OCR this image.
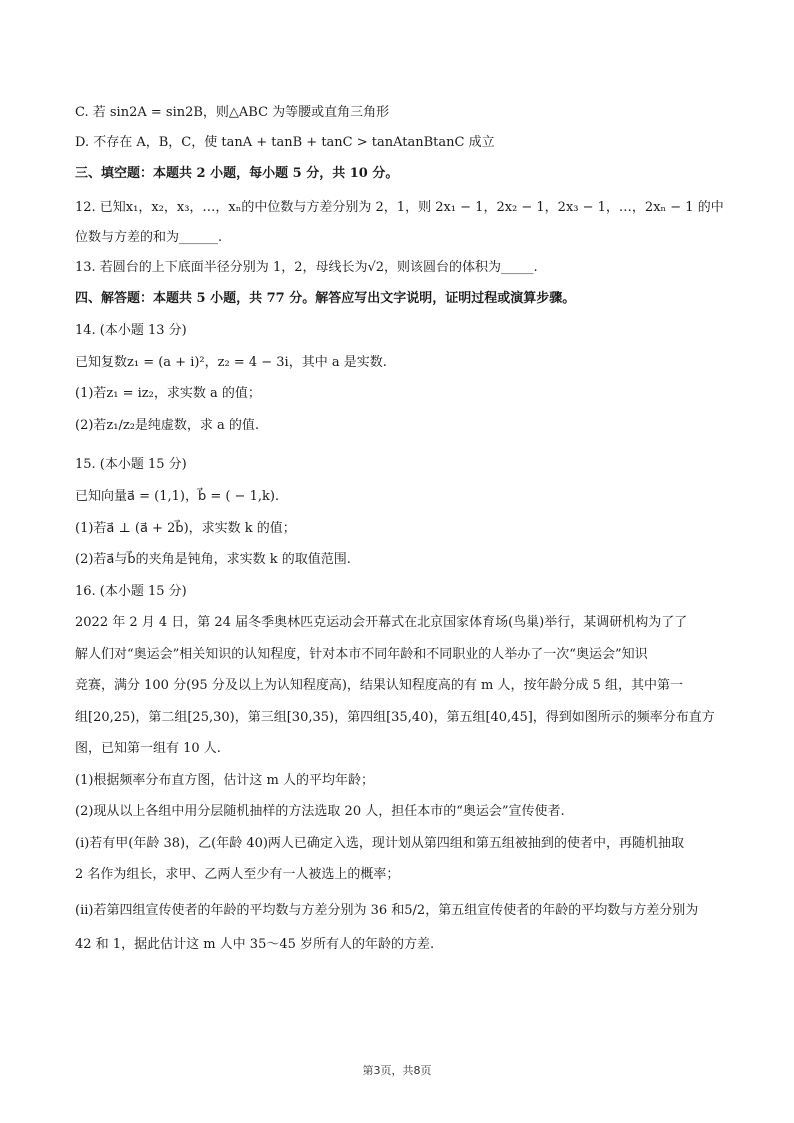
C. 若 sin2A = sin2B，则△ABC 为等腰或直角三角形
D. 不存在 A，B，C，使 tanA + tanB + tanC > tanAtanBtanC 成立
三、填空题：本题共 2 小题，每小题 5 分，共 10 分。
12. 已知x₁，x₂，x₃，…，xₙ的中位数与方差分别为 2，1，则 2x₁ − 1，2x₂ − 1，2x₃ − 1，…，2xₙ − 1 的中
位数与方差的和为______.
13. 若圆台的上下底面半径分别为 1，2，母线长为√2，则该圆台的体积为_____.
四、解答题：本题共 5 小题，共 77 分。解答应写出文字说明，证明过程或演算步骤。
14. (本小题 13 分)
已知复数z₁ = (a + i)²，z₂ = 4 − 3i，其中 a 是实数.
(1)若z₁ = iz₂，求实数 a 的值；
(2)若z₁/z₂是纯虚数，求 a 的值.
15. (本小题 15 分)
已知向量a⃗ = (1,1)，b⃗ = ( − 1,k).
(1)若a⃗ ⊥ (a⃗ + 2b⃗)，求实数 k 的值；
(2)若a⃗与b⃗的夹角是钝角，求实数 k 的取值范围.
16. (本小题 15 分)
2022 年 2 月 4 日，第 24 届冬季奥林匹克运动会开幕式在北京国家体育场(鸟巢)举行，某调研机构为了了
解人们对“奥运会”相关知识的认知程度，针对本市不同年龄和不同职业的人举办了一次“奥运会”知识
竞赛，满分 100 分(95 分及以上为认知程度高)，结果认知程度高的有 m 人，按年龄分成 5 组，其中第一
组[20,25)，第二组[25,30)，第三组[30,35)，第四组[35,40)，第五组[40,45]，得到如图所示的频率分布直方
图，已知第一组有 10 人.
(1)根据频率分布直方图，估计这 m 人的平均年龄；
(2)现从以上各组中用分层随机抽样的方法选取 20 人，担任本市的“奥运会”宣传使者.
(i)若有甲(年龄 38)，乙(年龄 40)两人已确定入选，现计划从第四组和第五组被抽到的使者中，再随机抽取
2 名作为组长，求甲、乙两人至少有一人被选上的概率；
(ii)若第四组宣传使者的年龄的平均数与方差分别为 36 和5/2，第五组宣传使者的年龄的平均数与方差分别为
42 和 1，据此估计这 m 人中 35～45 岁所有人的年龄的方差.
第3页，共8页
